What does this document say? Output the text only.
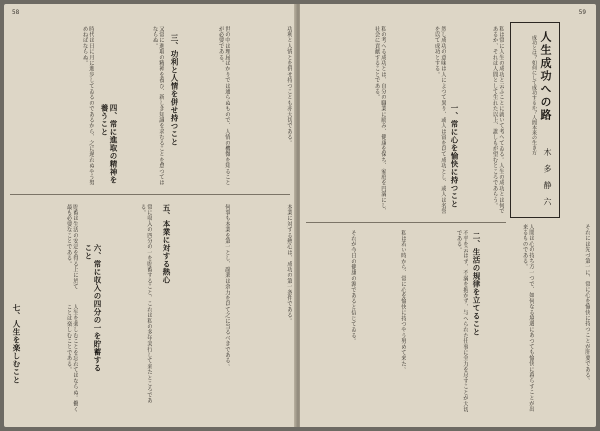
58
功利と人情とを併せ持つことも亦大切である。
世の中は理屈ばかりでは通らぬもので、人情の機微を知ることが必要である。
三、功利と人情を併せ持つこと
又常に進取の精神を養ひ、新しき知識を求むることを怠つてはならぬ。
四、常に進取の精神を養うこと
時代は日に月に進歩してゐるのであるから、之に遅れぬやう努めねばならぬ。
本業に対する熱心は、成功の第一条件である。
何事も本業を第一とし、副業は余力を以て之に当るべきである。
五、本業に対する熱心
常に収入の四分の一を貯蓄すること、これは私の多年実行して来たところである。
六、常に収入の四分の一を貯蓄すること
貯蓄は生活の安定を得る上に於て最も必要なことである。
七、人生を楽しむこと	人生を楽しむことを忘れてはならぬ。働くことは楽しむことである。
59
人生成功への路
成功とは？如何にして成功するか？人間本来の生き方
木 多 静 六
私は常に人生の成功と云ふことに就いて考へてゐる。人生の成功とは何であるか、それは人間として生れた以上、誰しもが望むところであらう。
然し成功の意味は人によつて異り、或人は富を以て成功とし、或人は名誉を以て成功とする。
私の考へる成功とは、自分の職業に励み、健康を保ち、家庭を円満にし、社会に貢献することである。
それには先づ第一に、常に心を愉快に持つことが肝要である。
人間は心の持ち方一つで、如何なる境遇にあつても愉快に暮らすことが出来るものである。
二、生活の規律を立てること
一、常に心を愉快に持つこと
不平を云はず、不満を抱かず、与へられた仕事に全力を尽すことが大切である。
私は若い時から、常に心を愉快に持つやう努めて来た。
それが今日の健康の源であると信じてゐる。
